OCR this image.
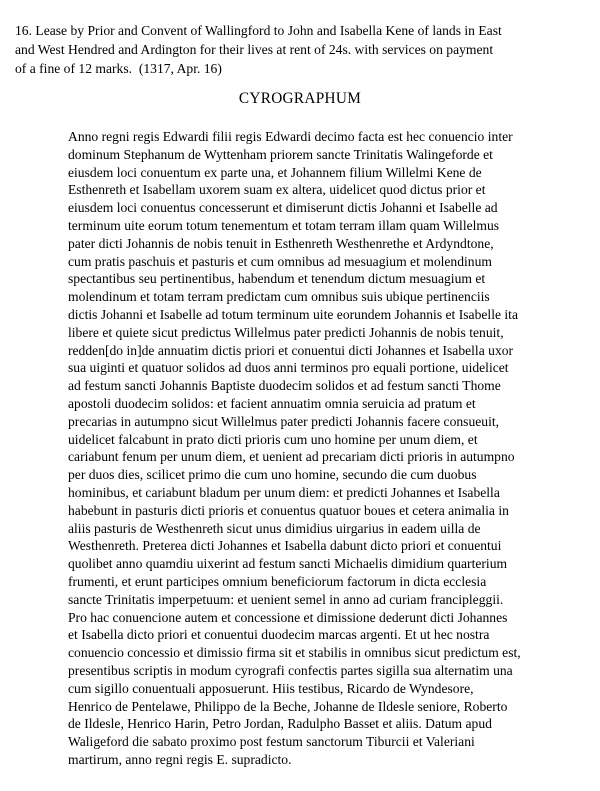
16. Lease by Prior and Convent of Wallingford to John and Isabella Kene of lands in East
and West Hendred and Ardington for their lives at rent of 24s. with services on payment
of a fine of 12 marks.  (1317, Apr. 16)
CYROGRAPHUM
Anno regni regis Edwardi filii regis Edwardi decimo facta est hec conuencio inter
dominum Stephanum de Wyttenham priorem sancte Trinitatis Walingeforde et
eiusdem loci conuentum ex parte una, et Johannem filium Willelmi Kene de
Esthenreth et Isabellam uxorem suam ex altera, uidelicet quod dictus prior et
eiusdem loci conuentus concesserunt et dimiserunt dictis Johanni et Isabelle ad
terminum uite eorum totum tenementum et totam terram illam quam Willelmus
pater dicti Johannis de nobis tenuit in Esthenreth Westhenrethe et Ardyndtone,
cum pratis paschuis et pasturis et cum omnibus ad mesuagium et molendinum
spectantibus seu pertinentibus, habendum et tenendum dictum mesuagium et
molendinum et totam terram predictam cum omnibus suis ubique pertinenciis
dictis Johanni et Isabelle ad totum terminum uite eorundem Johannis et Isabelle ita
libere et quiete sicut predictus Willelmus pater predicti Johannis de nobis tenuit,
redden[do in]de annuatim dictis priori et conuentui dicti Johannes et Isabella uxor
sua uiginti et quatuor solidos ad duos anni terminos pro equali portione, uidelicet
ad festum sancti Johannis Baptiste duodecim solidos et ad festum sancti Thome
apostoli duodecim solidos: et facient annuatim omnia seruicia ad pratum et
precarias in autumpno sicut Willelmus pater predicti Johannis facere consueuit,
uidelicet falcabunt in prato dicti prioris cum uno homine per unum diem, et
cariabunt fenum per unum diem, et uenient ad precariam dicti prioris in autumpno
per duos dies, scilicet primo die cum uno homine, secundo die cum duobus
hominibus, et cariabunt bladum per unum diem: et predicti Johannes et Isabella
habebunt in pasturis dicti prioris et conuentus quatuor boues et cetera animalia in
aliis pasturis de Westhenreth sicut unus dimidius uirgarius in eadem uilla de
Westhenreth. Preterea dicti Johannes et Isabella dabunt dicto priori et conuentui
quolibet anno quamdiu uixerint ad festum sancti Michaelis dimidium quarterium
frumenti, et erunt participes omnium beneficiorum factorum in dicta ecclesia
sancte Trinitatis imperpetuum: et uenient semel in anno ad curiam francipleggii.
Pro hac conuencione autem et concessione et dimissione dederunt dicti Johannes
et Isabella dicto priori et conuentui duodecim marcas argenti. Et ut hec nostra
conuencio concessio et dimissio firma sit et stabilis in omnibus sicut predictum est,
presentibus scriptis in modum cyrografi confectis partes sigilla sua alternatim una
cum sigillo conuentuali apposuerunt. Hiis testibus, Ricardo de Wyndesore,
Henrico de Pentelawe, Philippo de la Beche, Johanne de Ildesle seniore, Roberto
de Ildesle, Henrico Harin, Petro Jordan, Radulpho Basset et aliis. Datum apud
Waligeford die sabato proximo post festum sanctorum Tiburcii et Valeriani
martirum, anno regni regis E. supradicto.
